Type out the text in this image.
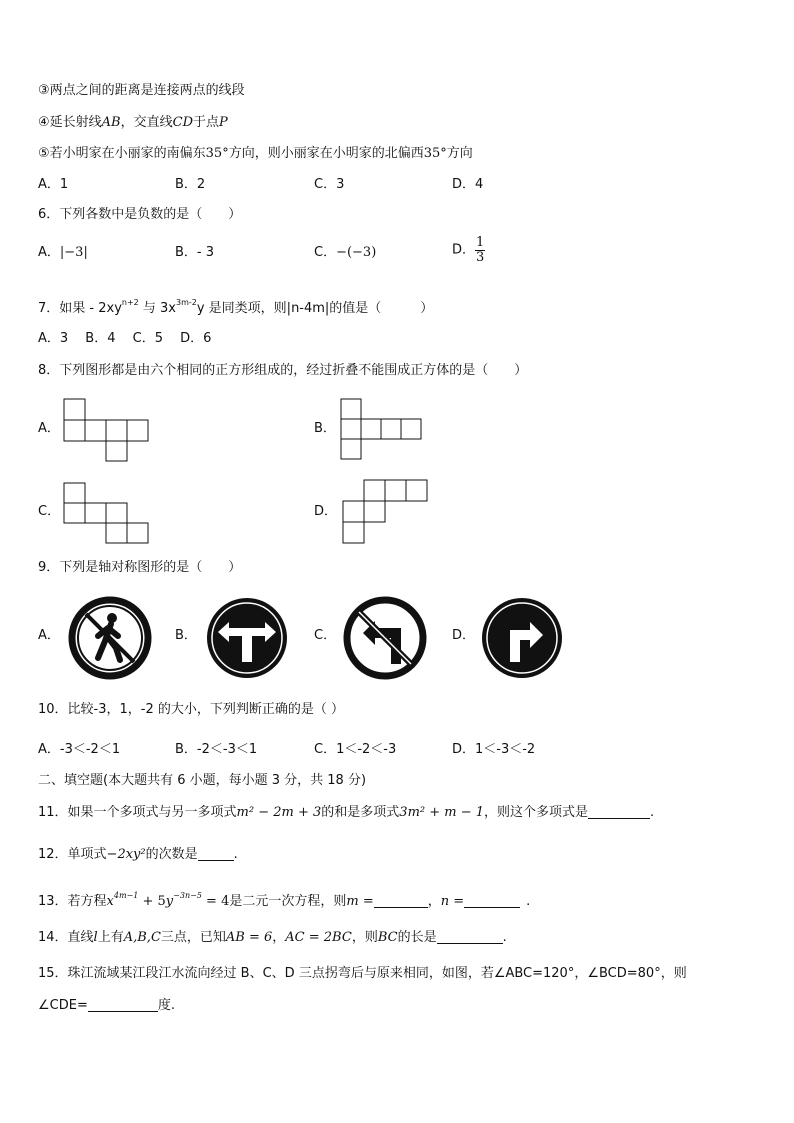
③两点之间的距离是连接两点的线段
④延长射线AB，交直线CD于点P
⑤若小明家在小丽家的南偏东35°方向，则小丽家在小明家的北偏西35°方向
A．1	B．2	C．3	D．4
6．下列各数中是负数的是（　　）
A．|−3|	B．- 3	C．−(−3)	D． $\frac{1}{3}$
7．如果 - $2xy^{n+2}$ 与 $3x^{3m-2}y$ 是同类项，则|n-4m|的值是（　　　）
A．3　 B．4　 C．5　 D．6
8．下列图形都是由六个相同的正方形组成的，经过折叠不能围成正方体的是（　　）
A．	B．
C．	D．
9．下列是轴对称图形的是（　　）
A．	B．	C．	D．
10．比较-3，1，-2 的大小，下列判断正确的是（ ）
A．-3＜-2＜1	B．-2＜-3＜1	C．1＜-2＜-3	D．1＜-3＜-2
二、填空题(本大题共有 6 小题，每小题 3 分，共 18 分)
11．如果一个多项式与另一多项式m² − 2m + 3的和是多项式3m² + m − 1，则这个多项式是	.
12．单项式−2xy²的次数是	.
13．若方程$x^{4m-1} + 5y^{-3n-5} = 4$是二元一次方程，则m =	，n =	.
14．直线l上有A,B,C三点，已知AB = 6，AC = 2BC，则BC的长是	.
15．珠江流域某江段江水流向经过 B、C、D 三点拐弯后与原来相同，如图，若∠ABC=120°，∠BCD=80°，则
∠CDE=	度.
